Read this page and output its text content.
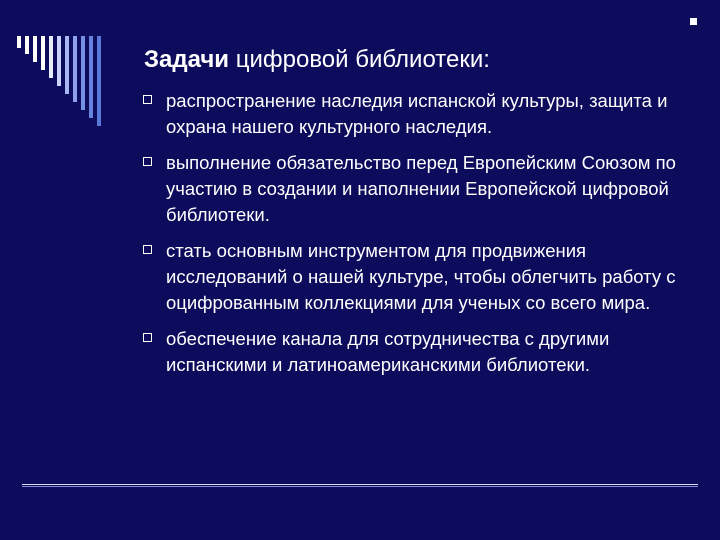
Задачи цифровой библиотеки:
распространение наследия испанской культуры, защита и охрана нашего культурного наследия.
выполнение обязательство перед Европейским Союзом по участию в создании и наполнении Европейской цифровой библиотеки.
стать основным инструментом для продвижения исследований о нашей культуре, чтобы облегчить работу с оцифрованным коллекциями для ученых со всего мира.
обеспечение канала для сотрудничества с другими испанскими и латиноамериканскими библиотеки.
